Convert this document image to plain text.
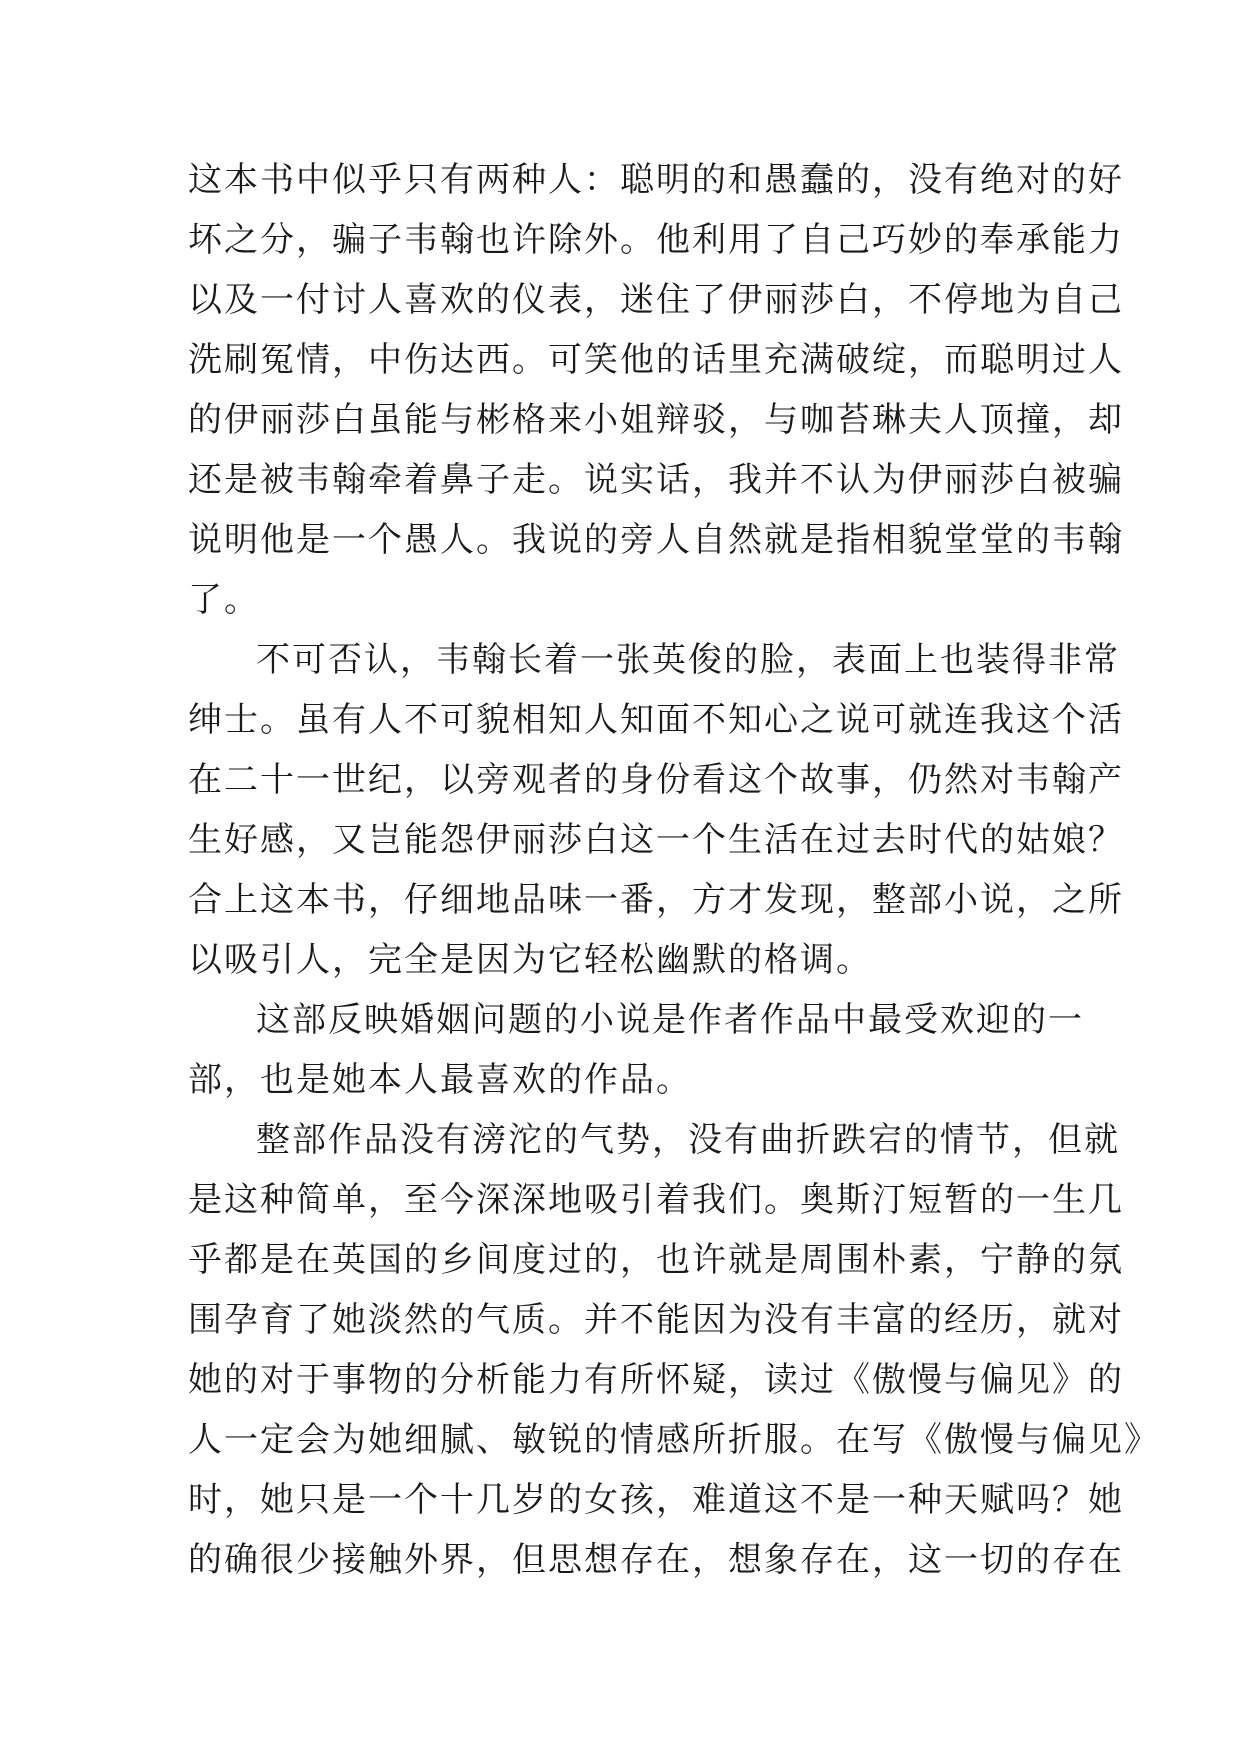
这本书中似乎只有两种人：聪明的和愚蠢的，没有绝对的好
坏之分，骗子韦翰也许除外。他利用了自己巧妙的奉承能力
以及一付讨人喜欢的仪表，迷住了伊丽莎白，不停地为自己
洗刷冤情，中伤达西。可笑他的话里充满破绽，而聪明过人
的伊丽莎白虽能与彬格来小姐辩驳，与咖苔琳夫人顶撞，却
还是被韦翰牵着鼻子走。说实话，我并不认为伊丽莎白被骗
说明他是一个愚人。我说的旁人自然就是指相貌堂堂的韦翰
了。
不可否认，韦翰长着一张英俊的脸，表面上也装得非常
绅士。虽有人不可貌相知人知面不知心之说可就连我这个活
在二十一世纪，以旁观者的身份看这个故事，仍然对韦翰产
生好感，又岂能怨伊丽莎白这一个生活在过去时代的姑娘？
合上这本书，仔细地品味一番，方才发现，整部小说，之所
以吸引人，完全是因为它轻松幽默的格调。
这部反映婚姻问题的小说是作者作品中最受欢迎的一
部，也是她本人最喜欢的作品。
整部作品没有滂沱的气势，没有曲折跌宕的情节，但就
是这种简单，至今深深地吸引着我们。奥斯汀短暂的一生几
乎都是在英国的乡间度过的，也许就是周围朴素，宁静的氛
围孕育了她淡然的气质。并不能因为没有丰富的经历，就对
她的对于事物的分析能力有所怀疑，读过《傲慢与偏见》的
人一定会为她细腻、敏锐的情感所折服。在写《傲慢与偏见》
时，她只是一个十几岁的女孩，难道这不是一种天赋吗？她
的确很少接触外界，但思想存在，想象存在，这一切的存在
